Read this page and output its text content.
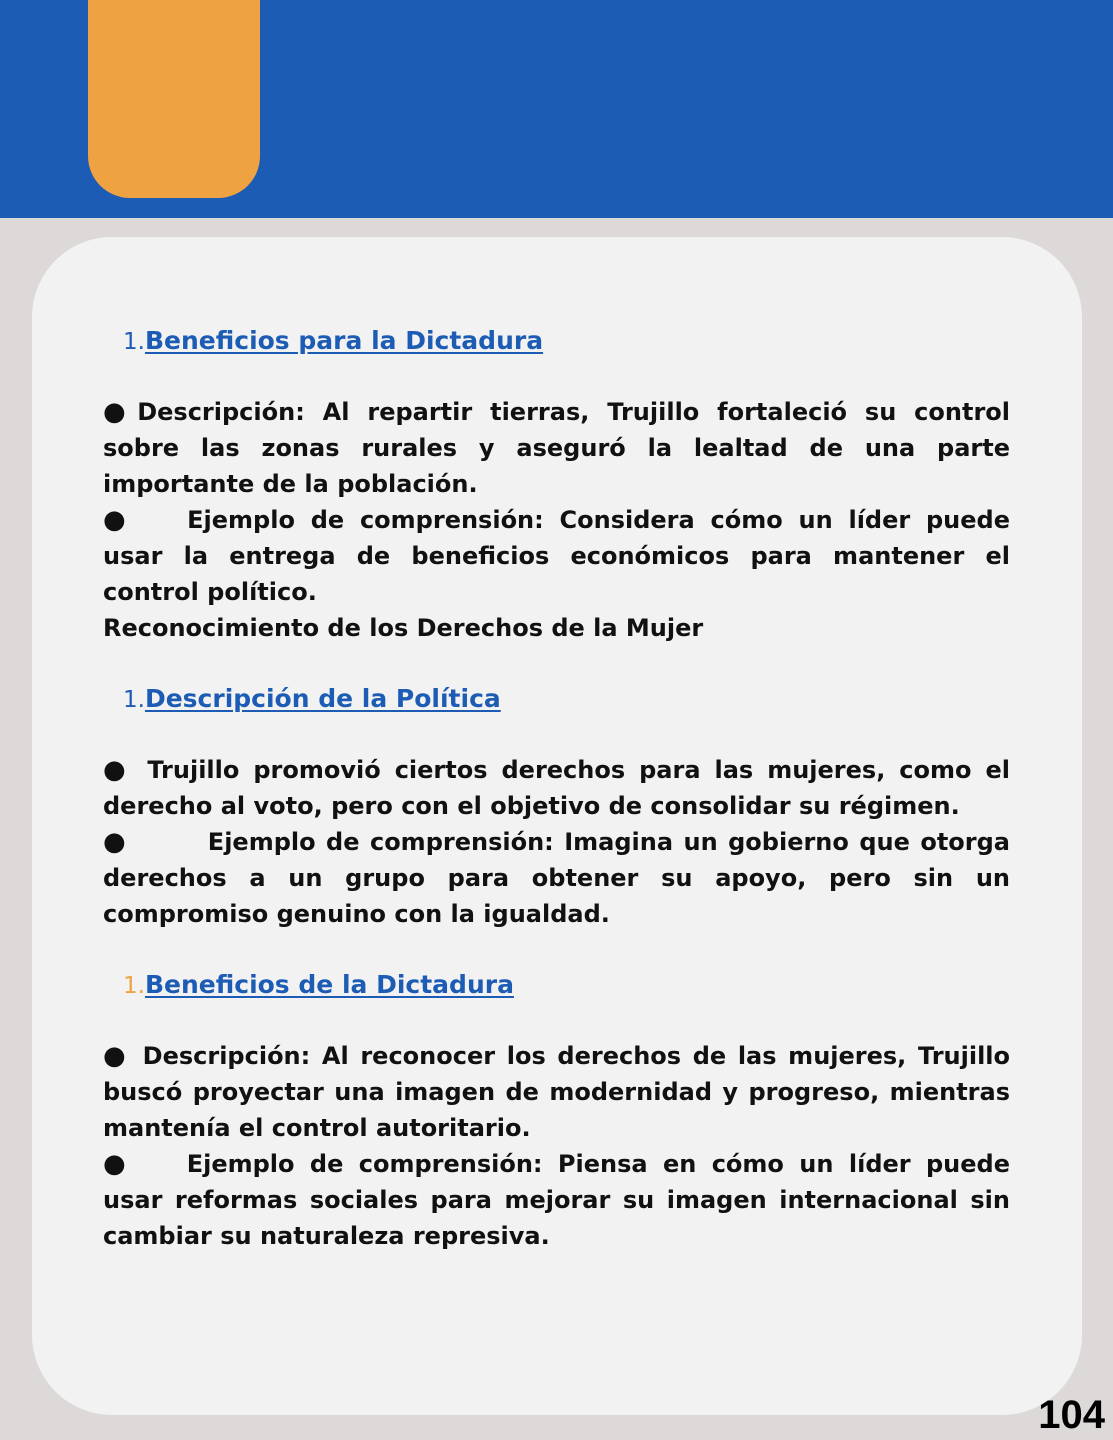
1.Beneficios para la Dictadura

●Descripción: Al repartir tierras, Trujillo fortaleció su control sobre las zonas rurales y aseguró la lealtad de una parte importante de la población.

● Ejemplo de comprensión: Considera cómo un líder puede usar la entrega de beneficios económicos para mantener el control político.

Reconocimiento de los Derechos de la Mujer

1.Descripción de la Política

● Trujillo promovió ciertos derechos para las mujeres, como el derecho al voto, pero con el objetivo de consolidar su régimen.

●	Ejemplo de comprensión: Imagina un gobierno que otorga derechos a un grupo para obtener su apoyo, pero sin un compromiso genuino con la igualdad.

1.Beneficios de la Dictadura

● Descripción: Al reconocer los derechos de las mujeres, Trujillo buscó proyectar una imagen de modernidad y progreso, mientras mantenía el control autoritario.

● Ejemplo de comprensión: Piensa en cómo un líder puede usar reformas sociales para mejorar su imagen internacional sin cambiar su naturaleza represiva.

104
